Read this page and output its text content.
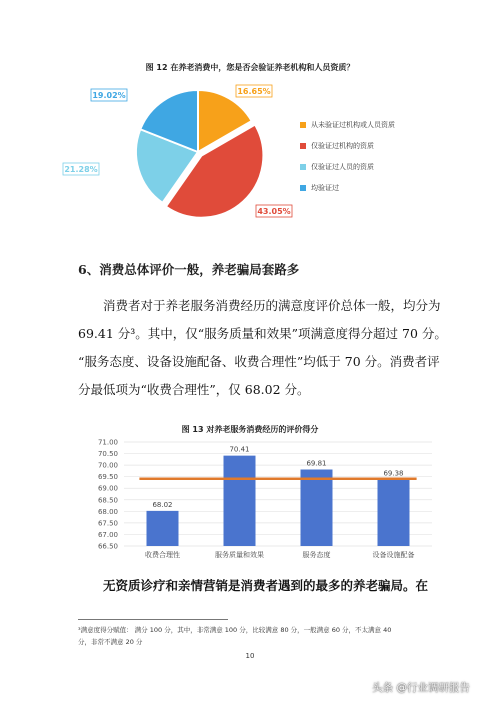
图 12 在养老消费中，您是否会验证养老机构和人员资质？
16.65%
43.05%
21.28%
19.02%
从未验证过机构或人员资质
仅验证过机构的资质
仅验证过人员的资质
均验证过
6、消费总体评价一般，养老骗局套路多

消费者对于养老服务消费经历的满意度评价总体一般，均分为

69.41 分³。其中，仅“服务质量和效果”项满意度得分超过 70 分。

“服务态度、设备设施配备、收费合理性”均低于 70 分。消费者评

分最低项为“收费合理性”，仅 68.02 分。

图 13 对养老服务消费经历的评价得分
71.00
70.50
70.00
69.50
69.00
68.50
68.00
67.50
67.00
66.50
68.02
收费合理性
70.41
服务质量和效果
69.81
服务态度
69.38
设备设施配备

无资质诊疗和亲情营销是消费者遇到的最多的养老骗局。在

³满意度得分赋值： 满分 100 分，其中，非常满意 100 分，比较满意 80 分，一般满意 60 分，不太满意 40
分，非常不满意 20 分
10
头条 @行业调研报告
